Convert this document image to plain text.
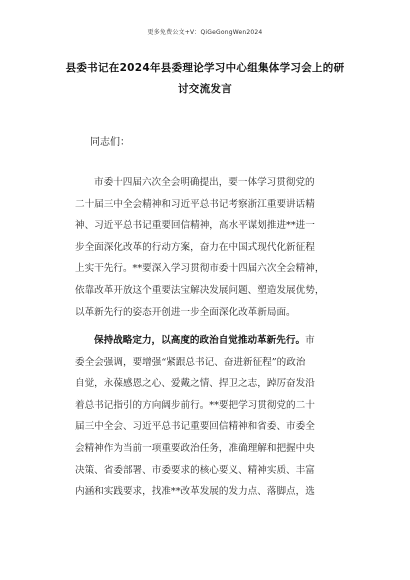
更多免费公文+V：QiGeGongWen2024
县委书记在2024年县委理论学习中心组集体学习会上的研
讨交流发言
同志们：
市委十四届六次全会明确提出，要一体学习贯彻党的
二十届三中全会精神和习近平总书记考察浙江重要讲话精
神、习近平总书记重要回信精神，高水平谋划推进**进一
步全面深化改革的行动方案，奋力在中国式现代化新征程
上实干先行。**要深入学习贯彻市委十四届六次全会精神，
依靠改革开放这个重要法宝解决发展问题、塑造发展优势，
以革新先行的姿态开创进一步全面深化改革新局面。
保持战略定力，以高度的政治自觉推动革新先行。市
委全会强调，要增强“紧跟总书记、奋进新征程”的政治
自觉，永葆感恩之心、爱戴之情、捍卫之志，踔厉奋发沿
着总书记指引的方向阔步前行。**要把学习贯彻党的二十
届三中全会、习近平总书记重要回信精神和省委、市委全
会精神作为当前一项重要政治任务，准确理解和把握中央
决策、省委部署、市委要求的核心要义、精神实质、丰富
内涵和实践要求，找准**改革发展的发力点、落脚点，选
